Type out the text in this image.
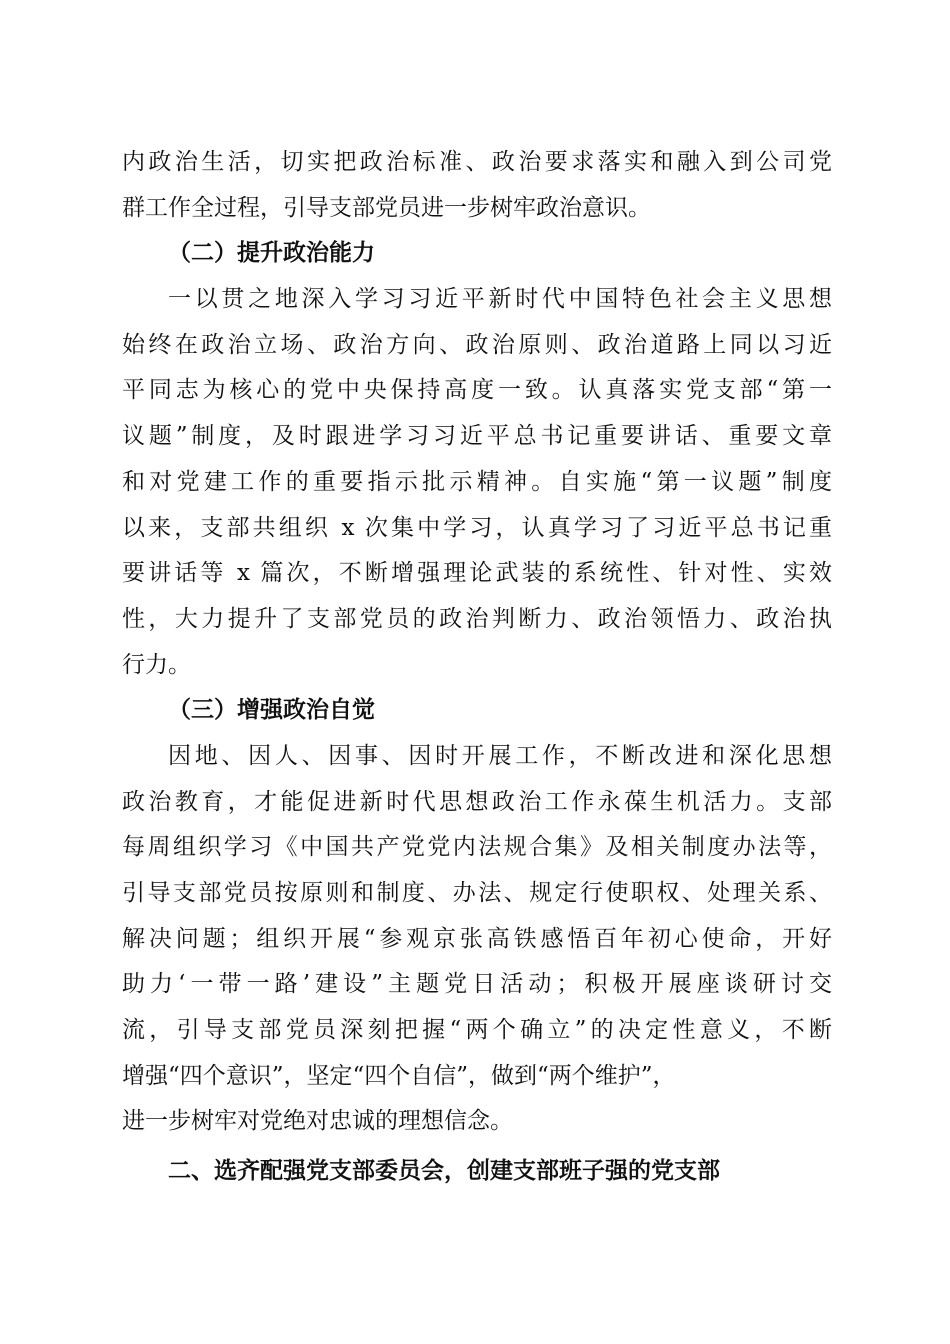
内政治生活，切实把政治标准、政治要求落实和融入到公司党
群工作全过程，引导支部党员进一步树牢政治意识。
（二）提升政治能力
一以贯之地深入学习习近平新时代中国特色社会主义思想
始终在政治立场、政治方向、政治原则、政治道路上同以习近
平同志为核心的党中央保持高度一致。认真落实党支部“第一
议题”制度，及时跟进学习习近平总书记重要讲话、重要文章
和对党建工作的重要指示批示精神。自实施“第一议题”制度
以来，支部共组织 x 次集中学习，认真学习了习近平总书记重
要讲话等 x 篇次，不断增强理论武装的系统性、针对性、实效
性，大力提升了支部党员的政治判断力、政治领悟力、政治执
行力。
（三）增强政治自觉
因地、因人、因事、因时开展工作，不断改进和深化思想
政治教育，才能促进新时代思想政治工作永葆生机活力。支部
每周组织学习《中国共产党党内法规合集》及相关制度办法等，
引导支部党员按原则和制度、办法、规定行使职权、处理关系、
解决问题；组织开展“参观京张高铁感悟百年初心使命，开好
助力‘一带一路’建设”主题党日活动；积极开展座谈研讨交
流，引导支部党员深刻把握“两个确立”的决定性意义，不断
增强“四个意识”，坚定“四个自信”，做到“两个维护”，
进一步树牢对党绝对忠诚的理想信念。
二、选齐配强党支部委员会，创建支部班子强的党支部
